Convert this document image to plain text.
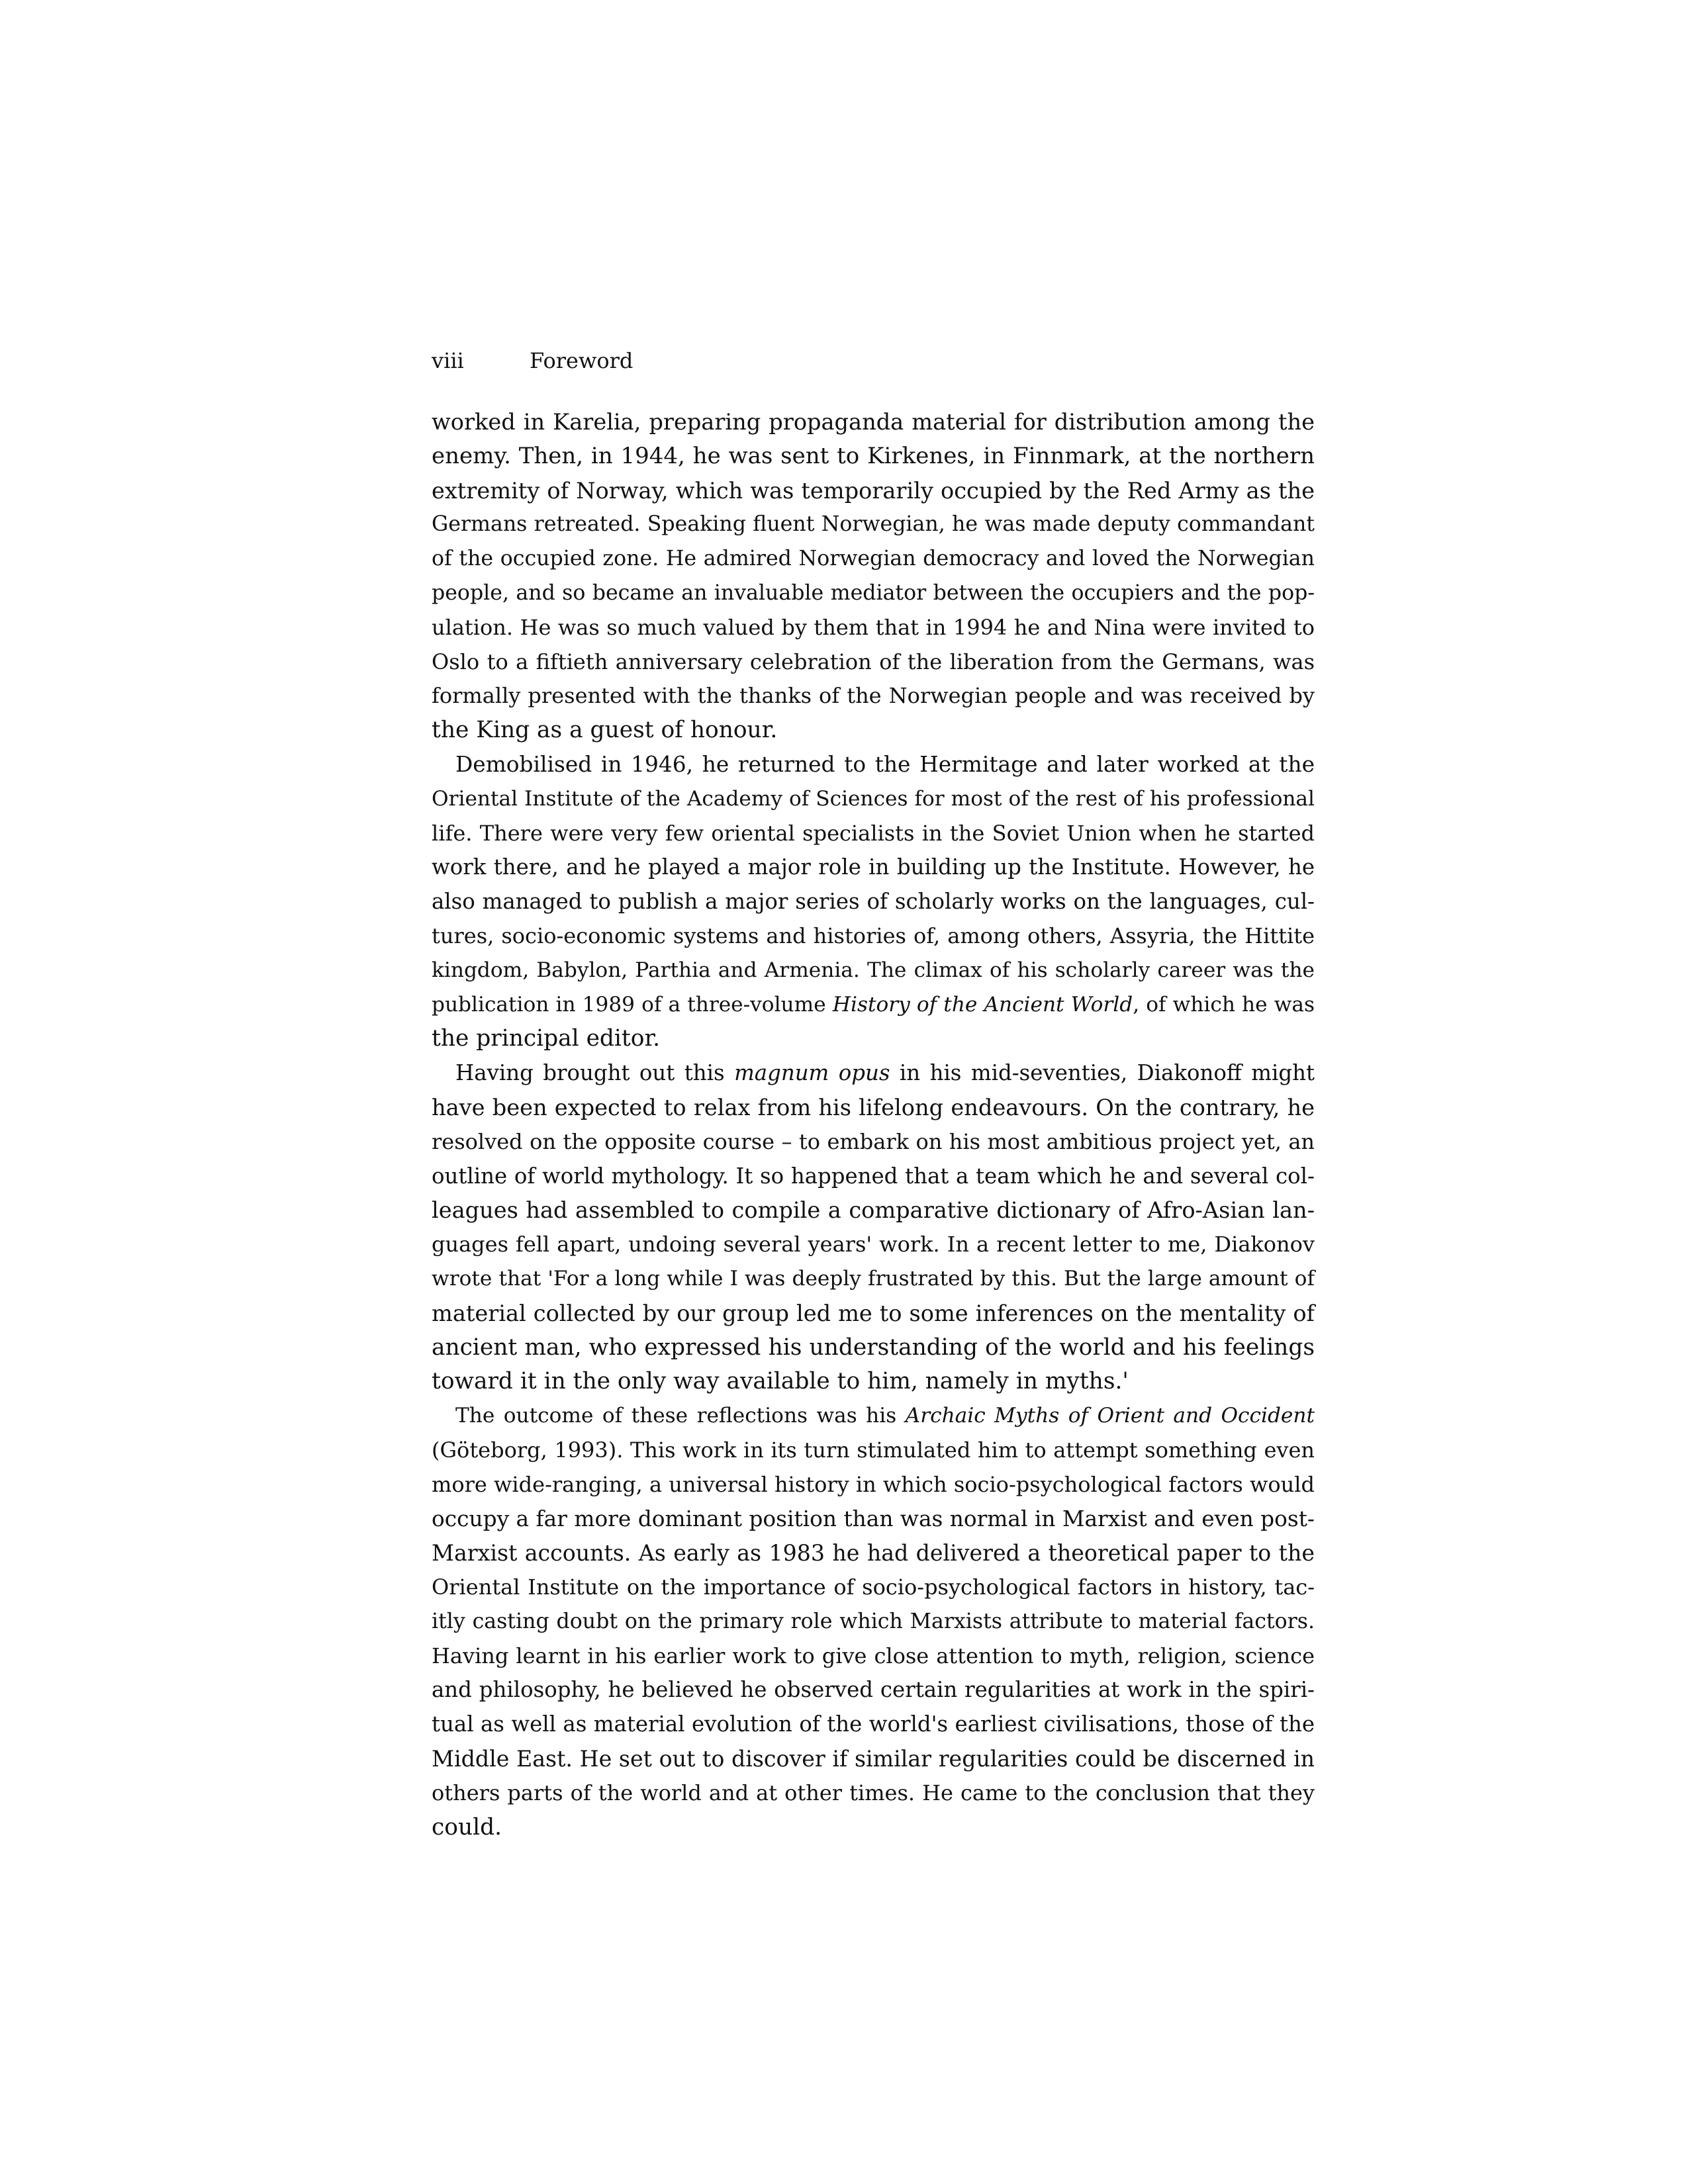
viii	Foreword
worked in Karelia, preparing propaganda material for distribution among the
enemy. Then, in 1944, he was sent to Kirkenes, in Finnmark, at the northern
extremity of Norway, which was temporarily occupied by the Red Army as the
Germans retreated. Speaking fluent Norwegian, he was made deputy commandant
of the occupied zone. He admired Norwegian democracy and loved the Norwegian
people, and so became an invaluable mediator between the occupiers and the pop-
ulation. He was so much valued by them that in 1994 he and Nina were invited to
Oslo to a fiftieth anniversary celebration of the liberation from the Germans, was
formally presented with the thanks of the Norwegian people and was received by
the King as a guest of honour.
Demobilised in 1946, he returned to the Hermitage and later worked at the
Oriental Institute of the Academy of Sciences for most of the rest of his professional
life. There were very few oriental specialists in the Soviet Union when he started
work there, and he played a major role in building up the Institute. However, he
also managed to publish a major series of scholarly works on the languages, cul-
tures, socio-economic systems and histories of, among others, Assyria, the Hittite
kingdom, Babylon, Parthia and Armenia. The climax of his scholarly career was the
publication in 1989 of a three-volume History of the Ancient World, of which he was
the principal editor.
Having brought out this magnum opus in his mid-seventies, Diakonoff might
have been expected to relax from his lifelong endeavours. On the contrary, he
resolved on the opposite course – to embark on his most ambitious project yet, an
outline of world mythology. It so happened that a team which he and several col-
leagues had assembled to compile a comparative dictionary of Afro-Asian lan-
guages fell apart, undoing several years' work. In a recent letter to me, Diakonov
wrote that 'For a long while I was deeply frustrated by this. But the large amount of
material collected by our group led me to some inferences on the mentality of
ancient man, who expressed his understanding of the world and his feelings
toward it in the only way available to him, namely in myths.'
The outcome of these reflections was his Archaic Myths of Orient and Occident
(Göteborg, 1993). This work in its turn stimulated him to attempt something even
more wide-ranging, a universal history in which socio-psychological factors would
occupy a far more dominant position than was normal in Marxist and even post-
Marxist accounts. As early as 1983 he had delivered a theoretical paper to the
Oriental Institute on the importance of socio-psychological factors in history, tac-
itly casting doubt on the primary role which Marxists attribute to material factors.
Having learnt in his earlier work to give close attention to myth, religion, science
and philosophy, he believed he observed certain regularities at work in the spiri-
tual as well as material evolution of the world's earliest civilisations, those of the
Middle East. He set out to discover if similar regularities could be discerned in
others parts of the world and at other times. He came to the conclusion that they
could.
